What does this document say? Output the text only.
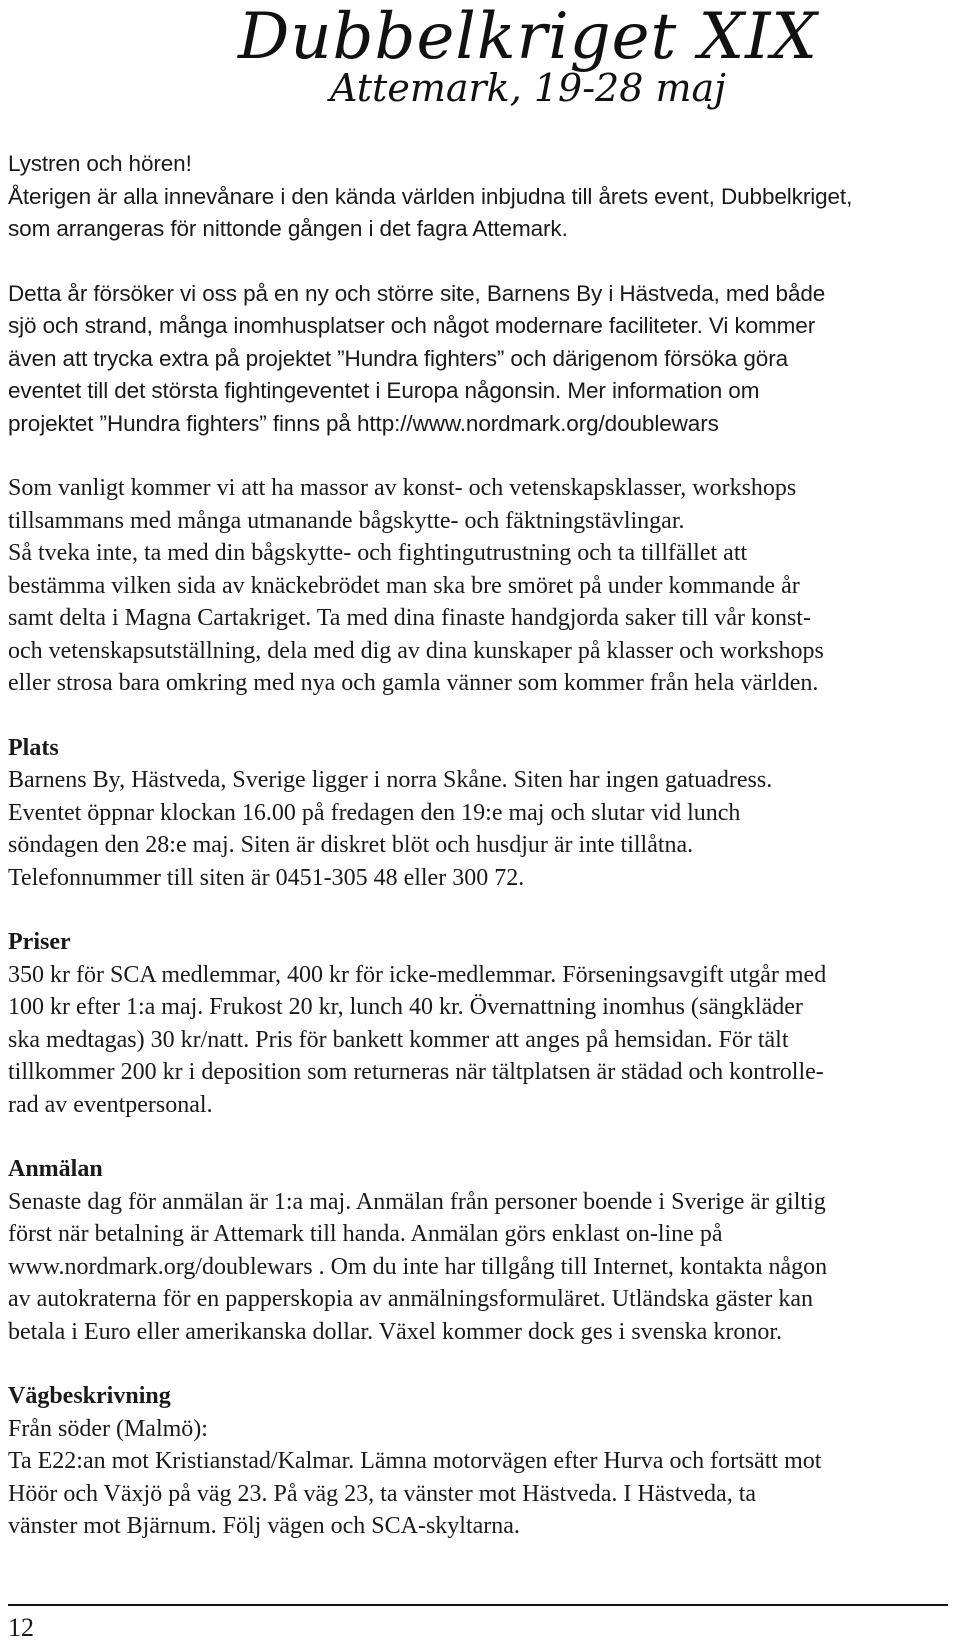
Dubbelkriget XIX
Attemark, 19-28 maj

Lystren och hören!

Återigen är alla innevånare i den kända världen inbjudna till årets event, Dubbelkriget,

som arrangeras för nittonde gången i det fagra Attemark.

Detta år försöker vi oss på en ny och större site, Barnens By i Hästveda, med både

sjö och strand, många inomhusplatser och något modernare faciliteter. Vi kommer

även att trycka extra på projektet ”Hundra fighters” och därigenom försöka göra

eventet till det största fightingeventet i Europa någonsin. Mer information om

projektet ”Hundra fighters” finns på http://www.nordmark.org/doublewars

Som vanligt kommer vi att ha massor av konst- och vetenskapsklasser, workshops

tillsammans med många utmanande bågskytte- och fäktningstävlingar.

Så tveka inte, ta med din bågskytte- och fightingutrustning och ta tillfället att

bestämma vilken sida av knäckebrödet man ska bre smöret på under kommande år

samt delta i Magna Cartakriget. Ta med dina finaste handgjorda saker till vår konst-

och vetenskapsutställning, dela med dig av dina kunskaper på klasser och workshops

eller strosa bara omkring med nya och gamla vänner som kommer från hela världen.

Plats

Barnens By, Hästveda, Sverige ligger i norra Skåne. Siten har ingen gatuadress.

Eventet öppnar klockan 16.00 på fredagen den 19:e maj och slutar vid lunch

söndagen den 28:e maj. Siten är diskret blöt och husdjur är inte tillåtna.

Telefonnummer till siten är 0451-305 48 eller 300 72.

Priser

350 kr för SCA medlemmar, 400 kr för icke-medlemmar. Förseningsavgift utgår med

100 kr efter 1:a maj. Frukost 20 kr, lunch 40 kr. Övernattning inomhus (sängkläder

ska medtagas) 30 kr/natt. Pris för bankett kommer att anges på hemsidan. För tält

tillkommer 200 kr i deposition som returneras när tältplatsen är städad och kontrolle-

rad av eventpersonal.

Anmälan

Senaste dag för anmälan är 1:a maj. Anmälan från personer boende i Sverige är giltig

först när betalning är Attemark till handa. Anmälan görs enklast on-line på

www.nordmark.org/doublewars . Om du inte har tillgång till Internet, kontakta någon

av autokraterna för en papperskopia av anmälningsformuläret. Utländska gäster kan

betala i Euro eller amerikanska dollar. Växel kommer dock ges i svenska kronor.

Vägbeskrivning

Från söder (Malmö):

Ta E22:an mot Kristianstad/Kalmar. Lämna motorvägen efter Hurva och fortsätt mot

Höör och Växjö på väg 23. På väg 23, ta vänster mot Hästveda. I Hästveda, ta

vänster mot Bjärnum. Följ vägen och SCA-skyltarna.

12
